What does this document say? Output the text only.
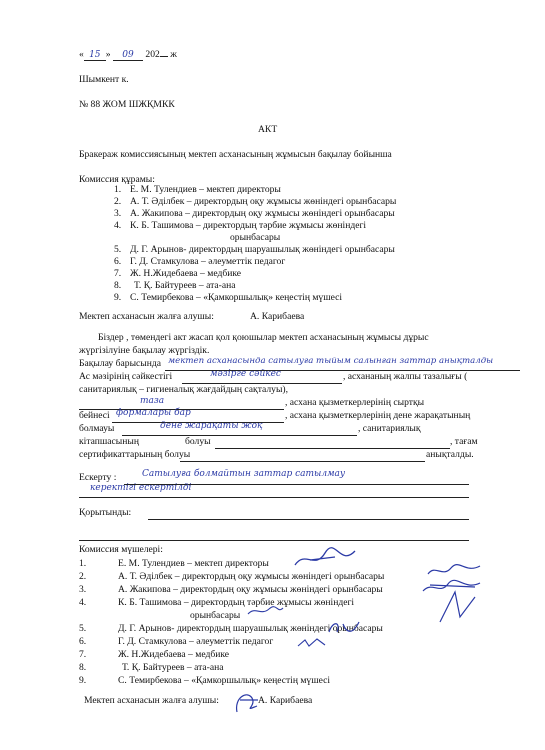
« 15 » 09 202 ж
Шымкент к.
№ 88 ЖОМ ШЖҚМКК
АКТ
Бракераж комиссиясының мектеп асханасының жұмысын бақылау бойынша
Комиссия құрамы:
1. Е. М. Тулендиев – мектеп директоры
2. А. Т. Әділбек – директордың оқу жұмысы жөніндегі орынбасары
3. А. Жакипова – директордың оқу жұмысы жөніндегі орынбасары
4. К. Б. Ташимова – директордың тәрбие жұмысы жөніндегі
орынбасары
5. Д. Г. Арынов- директордың шаруашылық жөніндегі орынбасары
6. Г. Д. Стамкулова – әлеуметтік педагог
7. Ж. Н.Жидебаева – медбике
8. Т. Қ. Байтуреев – ата-ана
9. С. Темирбекова – «Қамкоршылық» кеңестің мүшесі
Мектеп асханасын жалға алушы:	А. Карибаева
Біздер , төмендегі акт жасап қол қоюшылар мектеп асханасының жұмысы дұрыс
жүргізілуіне бақылау жүргіздік.
Бақылау барысында мектеп асханасында сатылуға тыйым салынған заттар анықталды
Ас мәзірінің сәйкестігі	мәзірге сәйкес	, асхананың жалпы тазалығы (
санитариялық – гигиеналық жағдайдың сақталуы),
таза	, асхана қызметкерлерінің сыртқы
бейнесі формалары бар	, асхана қызметкерлерінің дене жарақатының
болмауы	дене жарақаты жоқ	, санитариялық
кітапшасының	болуы	, тағам
сертификаттарының болуы	анықталды.
Ескерту :	Сатылуға болмайтын заттар сатылмау
керектігі ескертілді
Қорытынды:
Комиссия мүшелері:
1.	Е. М. Тулендиев – мектеп директоры
2.	А. Т. Әділбек – директордың оқу жұмысы жөніндегі орынбасары
3.	А. Жакипова – директордың оқу жұмысы жөніндегі орынбасары
4.	К. Б. Ташимова – директордың тәрбие жұмысы жөніндегі
орынбасары
5.	Д. Г. Арынов- директордың шаруашылық жөніндегі орынбасары
6.	Г. Д. Стамкулова – әлеуметтік педагог
7.	Ж. Н.Жидебаева – медбике
8.	Т. Қ. Байтуреев – ата-ана
9.	С. Темирбекова – «Қамкоршылық» кеңестің мүшесі
Мектеп асханасын жалға алушы:	А. Карибаева
